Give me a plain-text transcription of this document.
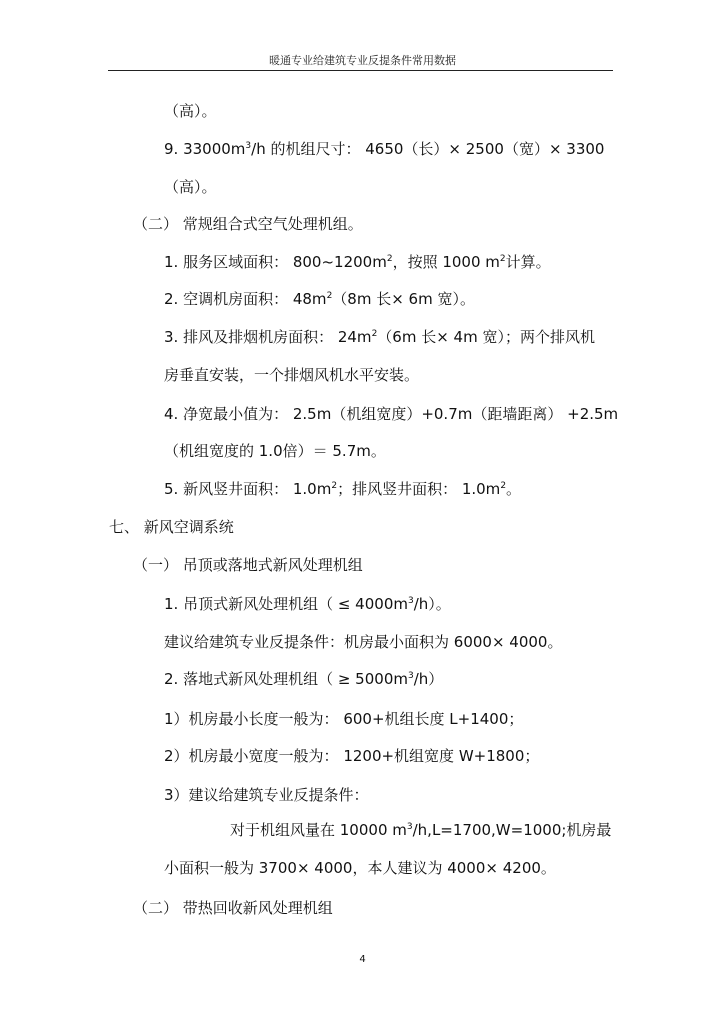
暖通专业给建筑专业反提条件常用数据
（高）。
9. $33000m^3/h$ 的机组尺寸： 4650（长）× 2500（宽）× 3300
（高）。
（二） 常规组合式空气处理机组。
1. 服务区域面积： $800\sim 1200m^2$，按照 1000 $m^2$计算。
2. 空调机房面积： $48m^2(8m$ 长× 6m 宽）。
3. 排风及排烟机房面积： $24m^2(6m$ 长× 4m 宽）；两个排风机
房垂直安装，一个排烟风机水平安装。
4. 净宽最小值为： 2.5m（机组宽度）+0.7m（距墙距离） +2.5m
（机组宽度的 1.0倍）＝ 5.7m。
5. 新风竖井面积： $1.0m^2$；排风竖井面积： $1.0m^2$。
七、 新风空调系统
（一） 吊顶或落地式新风处理机组
1. 吊顶式新风处理机组（ ≤ $4000m^3/h$）。
建议给建筑专业反提条件：机房最小面积为 6000× 4000。
2. 落地式新风处理机组（ ≥ $5000m^3/h$）
1）机房最小长度一般为： 600+机组长度 L+1400；
2）机房最小宽度一般为： 1200+机组宽度 W+1800；
3）建议给建筑专业反提条件：
对于机组风量在 10000 $m^3/h,L=1700,W=1000$;机房最
小面积一般为 3700× 4000，本人建议为 4000× 4200。
（二） 带热回收新风处理机组
4
